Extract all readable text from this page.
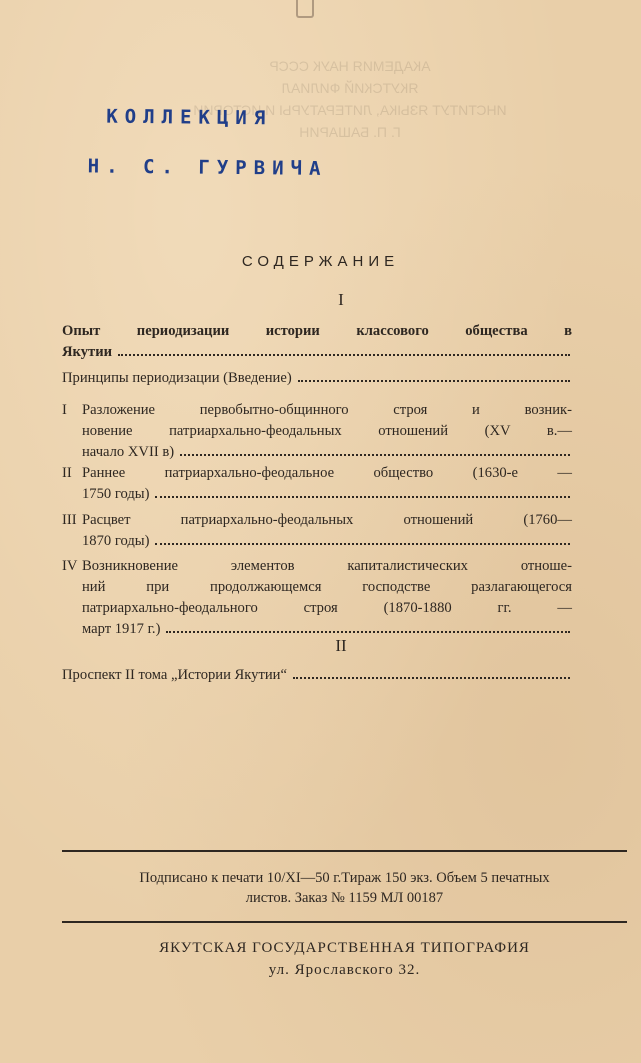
АКАДЕМИЯ НАУК СССР
ЯКУТСКИЙ ФИЛИАЛ
ИНСТИТУТ ЯЗЫКА, ЛИТЕРАТУРЫ И ИСТОРИИ
Г. П. БАШАРИН
КОЛЛЕКЦИЯ
Н. С. ГУРВИЧА
СОДЕРЖАНИЕ
I
Опыт периодизации истории классового общества в
Якутии
Принципы периодизации (Введение)
I Разложение первобытно-общинного строя и возник-
новение патриархально-феодальных отношений (XV в.—
начало XVII в)
II Раннее патриархально-феодальное общество (1630-е —
1750 годы)
III Расцвет патриархально-феодальных отношений (1760—
1870 годы)
IV Возникновение элементов капиталистических отноше-
ний при продолжающемся господстве разлагающегося
патриархально-феодального строя (1870-1880 гг. —
март 1917 г.)
II
Проспект II тома „Истории Якутии“
Подписано к печати 10/XI—50 г.Тираж 150 экз. Объем 5 печатных
листов. Заказ № 1159 МЛ 00187
ЯКУТСКАЯ ГОСУДАРСТВЕННАЯ ТИПОГРАФИЯ
ул. Ярославского 32.
